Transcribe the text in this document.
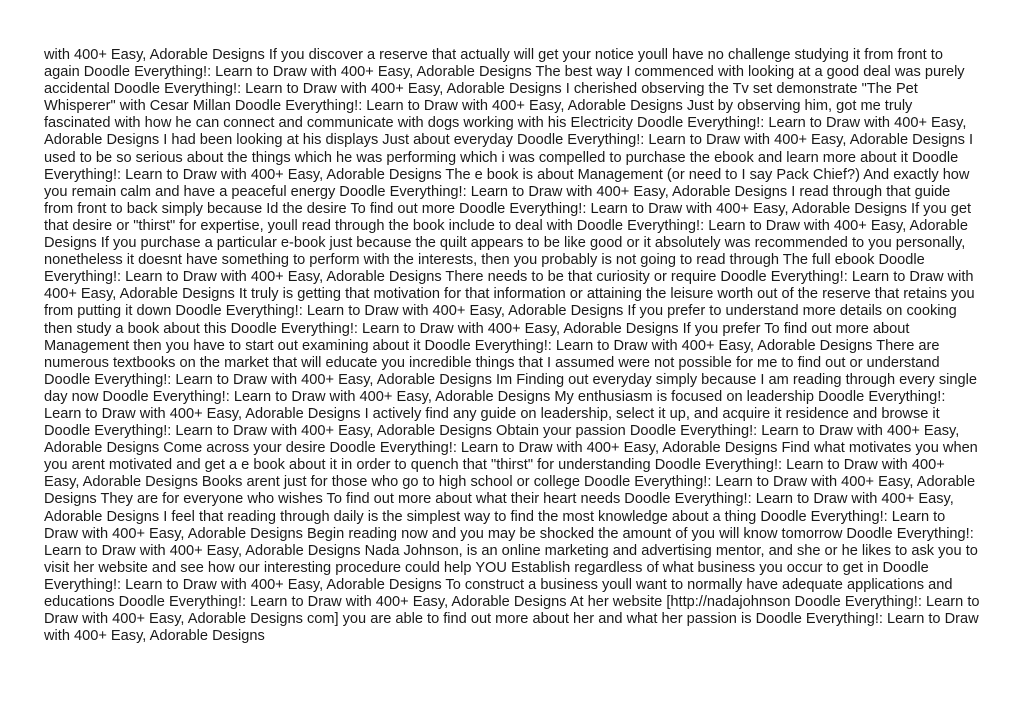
with 400+ Easy, Adorable Designs If you discover a reserve that actually will get your notice youll have no challenge studying it from front to again Doodle Everything!: Learn to Draw with 400+ Easy, Adorable Designs The best way I commenced with looking at a good deal was purely accidental Doodle Everything!: Learn to Draw with 400+ Easy, Adorable Designs I cherished observing the Tv set demonstrate "The Pet Whisperer" with Cesar Millan Doodle Everything!: Learn to Draw with 400+ Easy, Adorable Designs Just by observing him, got me truly fascinated with how he can connect and communicate with dogs working with his Electricity Doodle Everything!: Learn to Draw with 400+ Easy, Adorable Designs I had been looking at his displays Just about everyday Doodle Everything!: Learn to Draw with 400+ Easy, Adorable Designs I used to be so serious about the things which he was performing which i was compelled to purchase the ebook and learn more about it Doodle Everything!: Learn to Draw with 400+ Easy, Adorable Designs The e book is about Management (or need to I say Pack Chief?) And exactly how you remain calm and have a peaceful energy Doodle Everything!: Learn to Draw with 400+ Easy, Adorable Designs I read through that guide from front to back simply because Id the desire To find out more Doodle Everything!: Learn to Draw with 400+ Easy, Adorable Designs If you get that desire or "thirst" for expertise, youll read through the book include to deal with Doodle Everything!: Learn to Draw with 400+ Easy, Adorable Designs If you purchase a particular e-book just because the quilt appears to be like good or it absolutely was recommended to you personally, nonetheless it doesnt have something to perform with the interests, then you probably is not going to read through The full ebook Doodle Everything!: Learn to Draw with 400+ Easy, Adorable Designs There needs to be that curiosity or require Doodle Everything!: Learn to Draw with 400+ Easy, Adorable Designs It truly is getting that motivation for that information or attaining the leisure worth out of the reserve that retains you from putting it down Doodle Everything!: Learn to Draw with 400+ Easy, Adorable Designs If you prefer to understand more details on cooking then study a book about this Doodle Everything!: Learn to Draw with 400+ Easy, Adorable Designs If you prefer To find out more about Management then you have to start out examining about it Doodle Everything!: Learn to Draw with 400+ Easy, Adorable Designs There are numerous textbooks on the market that will educate you incredible things that I assumed were not possible for me to find out or understand Doodle Everything!: Learn to Draw with 400+ Easy, Adorable Designs Im Finding out everyday simply because I am reading through every single day now Doodle Everything!: Learn to Draw with 400+ Easy, Adorable Designs My enthusiasm is focused on leadership Doodle Everything!: Learn to Draw with 400+ Easy, Adorable Designs I actively find any guide on leadership, select it up, and acquire it residence and browse it Doodle Everything!: Learn to Draw with 400+ Easy, Adorable Designs Obtain your passion Doodle Everything!: Learn to Draw with 400+ Easy, Adorable Designs Come across your desire Doodle Everything!: Learn to Draw with 400+ Easy, Adorable Designs Find what motivates you when you arent motivated and get a e book about it in order to quench that "thirst" for understanding Doodle Everything!: Learn to Draw with 400+ Easy, Adorable Designs Books arent just for those who go to high school or college Doodle Everything!: Learn to Draw with 400+ Easy, Adorable Designs They are for everyone who wishes To find out more about what their heart needs Doodle Everything!: Learn to Draw with 400+ Easy, Adorable Designs I feel that reading through daily is the simplest way to find the most knowledge about a thing Doodle Everything!: Learn to Draw with 400+ Easy, Adorable Designs Begin reading now and you may be shocked the amount of you will know tomorrow Doodle Everything!: Learn to Draw with 400+ Easy, Adorable Designs Nada Johnson, is an online marketing and advertising mentor, and she or he likes to ask you to visit her website and see how our interesting procedure could help YOU Establish regardless of what business you occur to get in Doodle Everything!: Learn to Draw with 400+ Easy, Adorable Designs To construct a business youll want to normally have adequate applications and educations Doodle Everything!: Learn to Draw with 400+ Easy, Adorable Designs At her website [http://nadajohnson Doodle Everything!: Learn to Draw with 400+ Easy, Adorable Designs com] you are able to find out more about her and what her passion is Doodle Everything!: Learn to Draw with 400+ Easy, Adorable Designs
